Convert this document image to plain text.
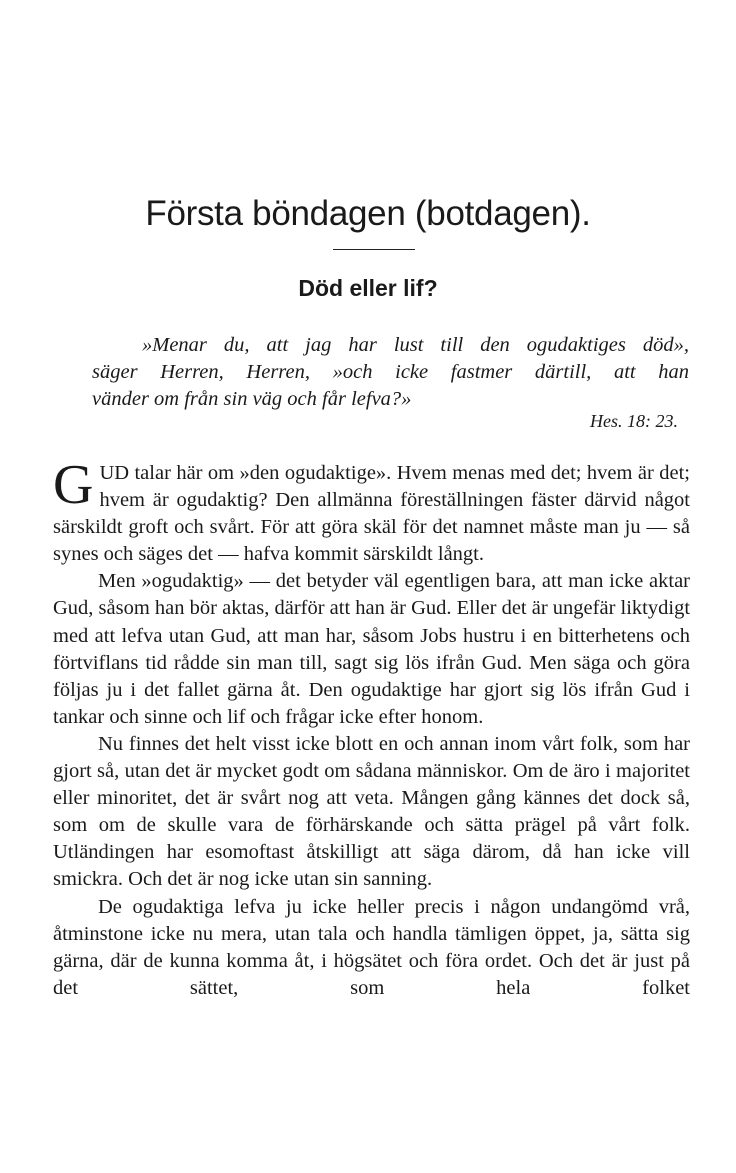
Första böndagen (botdagen).
Död eller lif?
»Menar du, att jag har lust till den ogudaktiges död»,
säger Herren, Herren, »och icke fastmer därtill, att han
vänder om från sin väg och får lefva?»
Hes. 18: 23.

GUD talar här om »den ogudaktige». Hvem menas med det; hvem är det; hvem är ogudaktig? Den allmänna föreställningen fäster därvid något särskildt groft och svårt. För att göra skäl för det namnet måste man ju — så synes och säges det — hafva kommit särskildt långt.

Men »ogudaktig» — det betyder väl egentligen bara, att man icke aktar Gud, såsom han bör aktas, därför att han är Gud. Eller det är ungefär liktydigt med att lefva utan Gud, att man har, såsom Jobs hustru i en bitterhetens och förtviflans tid rådde sin man till, sagt sig lös ifrån Gud. Men säga och göra följas ju i det fallet gärna åt. Den ogudaktige har gjort sig lös ifrån Gud i tankar och sinne och lif och frågar icke efter honom.

Nu finnes det helt visst icke blott en och annan inom vårt folk, som har gjort så, utan det är mycket godt om sådana människor. Om de äro i majoritet eller minoritet, det är svårt nog att veta. Mången gång kännes det dock så, som om de skulle vara de förhärskande och sätta prägel på vårt folk. Utländingen har esomoftast åtskilligt att säga därom, då han icke vill smickra. Och det är nog icke utan sin sanning.

De ogudaktiga lefva ju icke heller precis i någon undangömd vrå, åtminstone icke nu mera, utan tala och handla tämligen öppet, ja, sätta sig gärna, där de kunna komma åt, i högsätet och föra ordet. Och det är just på det sättet, som hela folket
